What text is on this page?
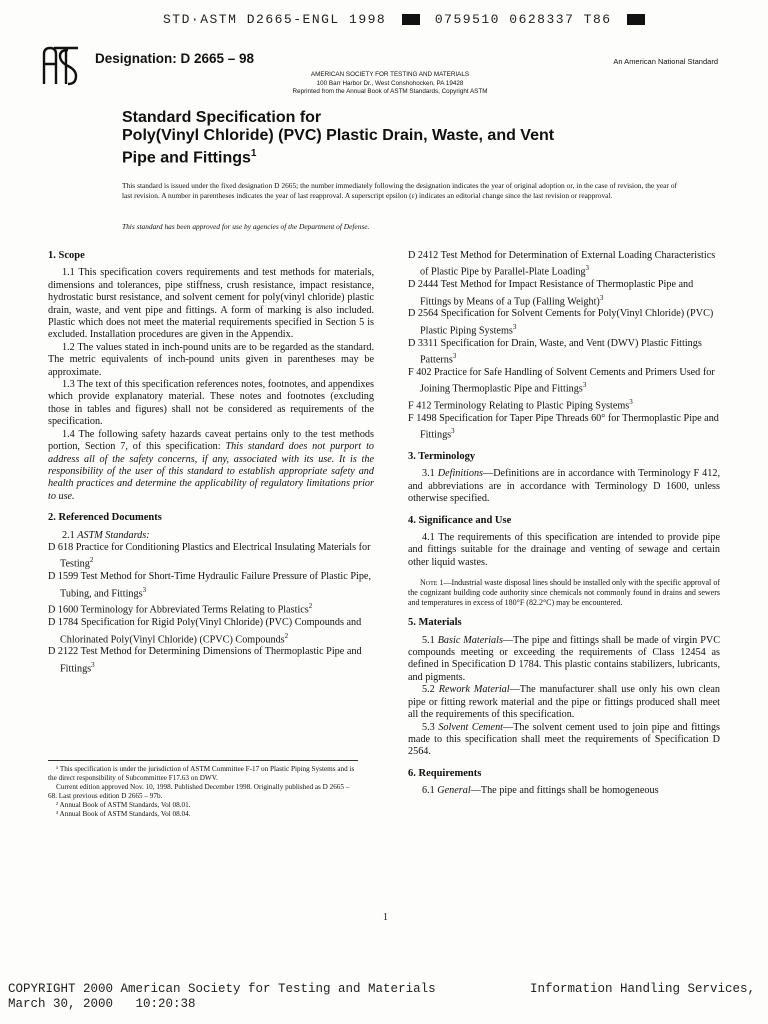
STD·ASTM D2665-ENGL 1998	0759510 0628337 T86
Designation: D 2665 – 98	An American National Standard
AMERICAN SOCIETY FOR TESTING AND MATERIALS
100 Barr Harbor Dr., West Conshohocken, PA 19428
Reprinted from the Annual Book of ASTM Standards, Copyright ASTM
Standard Specification for
Poly(Vinyl Chloride) (PVC) Plastic Drain, Waste, and Vent
Pipe and Fittings$^1$
This standard is issued under the fixed designation D 2665; the number immediately following the designation indicates the year of original adoption or, in the case of revision, the year of last revision. A number in parentheses indicates the year of last reapproval. A superscript epsilon (ε) indicates an editorial change since the last revision or reapproval.
This standard has been approved for use by agencies of the Department of Defense.
1. Scope

1.1 This specification covers requirements and test methods for materials, dimensions and tolerances, pipe stiffness, crush resistance, impact resistance, hydrostatic burst resistance, and solvent cement for poly(vinyl chloride) plastic drain, waste, and vent pipe and fittings. A form of marking is also included. Plastic which does not meet the material requirements specified in Section 5 is excluded. Installation procedures are given in the Appendix.

1.2 The values stated in inch-pound units are to be regarded as the standard. The metric equivalents of inch-pound units given in parentheses may be approximate.

1.3 The text of this specification references notes, footnotes, and appendixes which provide explanatory material. These notes and footnotes (excluding those in tables and figures) shall not be considered as requirements of the specification.

1.4 The following safety hazards caveat pertains only to the test methods portion, Section 7, of this specification: This standard does not purport to address all of the safety concerns, if any, associated with its use. It is the responsibility of the user of this standard to establish appropriate safety and health practices and determine the applicability of regulatory limitations prior to use.

2. Referenced Documents

2.1 ASTM Standards:

D 618 Practice for Conditioning Plastics and Electrical Insulating Materials for Testing$^2$

D 1599 Test Method for Short-Time Hydraulic Failure Pressure of Plastic Pipe, Tubing, and Fittings$^3$

D 1600 Terminology for Abbreviated Terms Relating to Plastics$^2$

D 1784 Specification for Rigid Poly(Vinyl Chloride) (PVC) Compounds and Chlorinated Poly(Vinyl Chloride) (CPVC) Compounds$^2$

D 2122 Test Method for Determining Dimensions of Thermoplastic Pipe and Fittings$^3$

¹ This specification is under the jurisdiction of ASTM Committee F-17 on Plastic Piping Systems and is the direct responsibility of Subcommittee F17.63 on DWV.

Current edition approved Nov. 10, 1998. Published December 1998. Originally published as D 2665 – 68. Last previous edition D 2665 – 97b.

² Annual Book of ASTM Standards, Vol 08.01.

³ Annual Book of ASTM Standards, Vol 08.04.

D 2412 Test Method for Determination of External Loading Characteristics of Plastic Pipe by Parallel-Plate Loading$^3$

D 2444 Test Method for Impact Resistance of Thermoplastic Pipe and Fittings by Means of a Tup (Falling Weight)$^3$

D 2564 Specification for Solvent Cements for Poly(Vinyl Chloride) (PVC) Plastic Piping Systems$^3$

D 3311 Specification for Drain, Waste, and Vent (DWV) Plastic Fittings Patterns$^3$

F 402 Practice for Safe Handling of Solvent Cements and Primers Used for Joining Thermoplastic Pipe and Fittings$^3$

F 412 Terminology Relating to Plastic Piping Systems$^3$

F 1498 Specification for Taper Pipe Threads 60° for Thermoplastic Pipe and Fittings$^3$

3. Terminology

3.1 Definitions—Definitions are in accordance with Terminology F 412, and abbreviations are in accordance with Terminology D 1600, unless otherwise specified.

4. Significance and Use

4.1 The requirements of this specification are intended to provide pipe and fittings suitable for the drainage and venting of sewage and certain other liquid wastes.

Note 1—Industrial waste disposal lines should be installed only with the specific approval of the cognizant building code authority since chemicals not commonly found in drains and sewers and temperatures in excess of 180°F (82.2°C) may be encountered.

5. Materials

5.1 Basic Materials—The pipe and fittings shall be made of virgin PVC compounds meeting or exceeding the requirements of Class 12454 as defined in Specification D 1784. This plastic contains stabilizers, lubricants, and pigments.

5.2 Rework Material—The manufacturer shall use only his own clean pipe or fitting rework material and the pipe or fittings produced shall meet all the requirements of this specification.

5.3 Solvent Cement—The solvent cement used to join pipe and fittings made to this specification shall meet the requirements of Specification D 2564.

6. Requirements

6.1 General—The pipe and fittings shall be homogeneous

1
COPYRIGHT 2000 American Society for Testing and Materials
March 30, 2000   10:20:38
Information Handling Services,
